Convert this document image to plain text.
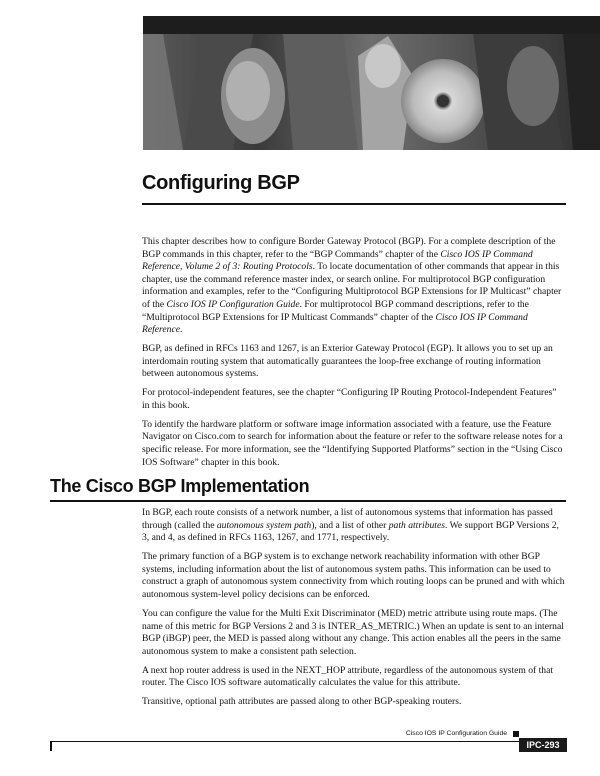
Configuring BGP

This chapter describes how to configure Border Gateway Protocol (BGP). For a complete description of the BGP commands in this chapter, refer to the “BGP Commands” chapter of the Cisco IOS IP Command Reference, Volume 2 of 3: Routing Protocols. To locate documentation of other commands that appear in this chapter, use the command reference master index, or search online. For multiprotocol BGP configuration information and examples, refer to the “Configuring Multiprotocol BGP Extensions for IP Multicast” chapter of the Cisco IOS IP Configuration Guide. For multiprotocol BGP command descriptions, refer to the “Multiprotocol BGP Extensions for IP Multicast Commands” chapter of the Cisco IOS IP Command Reference.

BGP, as defined in RFCs 1163 and 1267, is an Exterior Gateway Protocol (EGP). It allows you to set up an interdomain routing system that automatically guarantees the loop-free exchange of routing information between autonomous systems.

For protocol-independent features, see the chapter “Configuring IP Routing Protocol-Independent Features” in this book.

To identify the hardware platform or software image information associated with a feature, use the Feature Navigator on Cisco.com to search for information about the feature or refer to the software release notes for a specific release. For more information, see the “Identifying Supported Platforms” section in the “Using Cisco IOS Software” chapter in this book.

The Cisco BGP Implementation

In BGP, each route consists of a network number, a list of autonomous systems that information has passed through (called the autonomous system path), and a list of other path attributes. We support BGP Versions 2, 3, and 4, as defined in RFCs 1163, 1267, and 1771, respectively.

The primary function of a BGP system is to exchange network reachability information with other BGP systems, including information about the list of autonomous system paths. This information can be used to construct a graph of autonomous system connectivity from which routing loops can be pruned and with which autonomous system-level policy decisions can be enforced.

You can configure the value for the Multi Exit Discriminator (MED) metric attribute using route maps. (The name of this metric for BGP Versions 2 and 3 is INTER_AS_METRIC.) When an update is sent to an internal BGP (iBGP) peer, the MED is passed along without any change. This action enables all the peers in the same autonomous system to make a consistent path selection.

A next hop router address is used in the NEXT_HOP attribute, regardless of the autonomous system of that router. The Cisco IOS software automatically calculates the value for this attribute.

Transitive, optional path attributes are passed along to other BGP-speaking routers.

Cisco IOS IP Configuration Guide
IPC-293
